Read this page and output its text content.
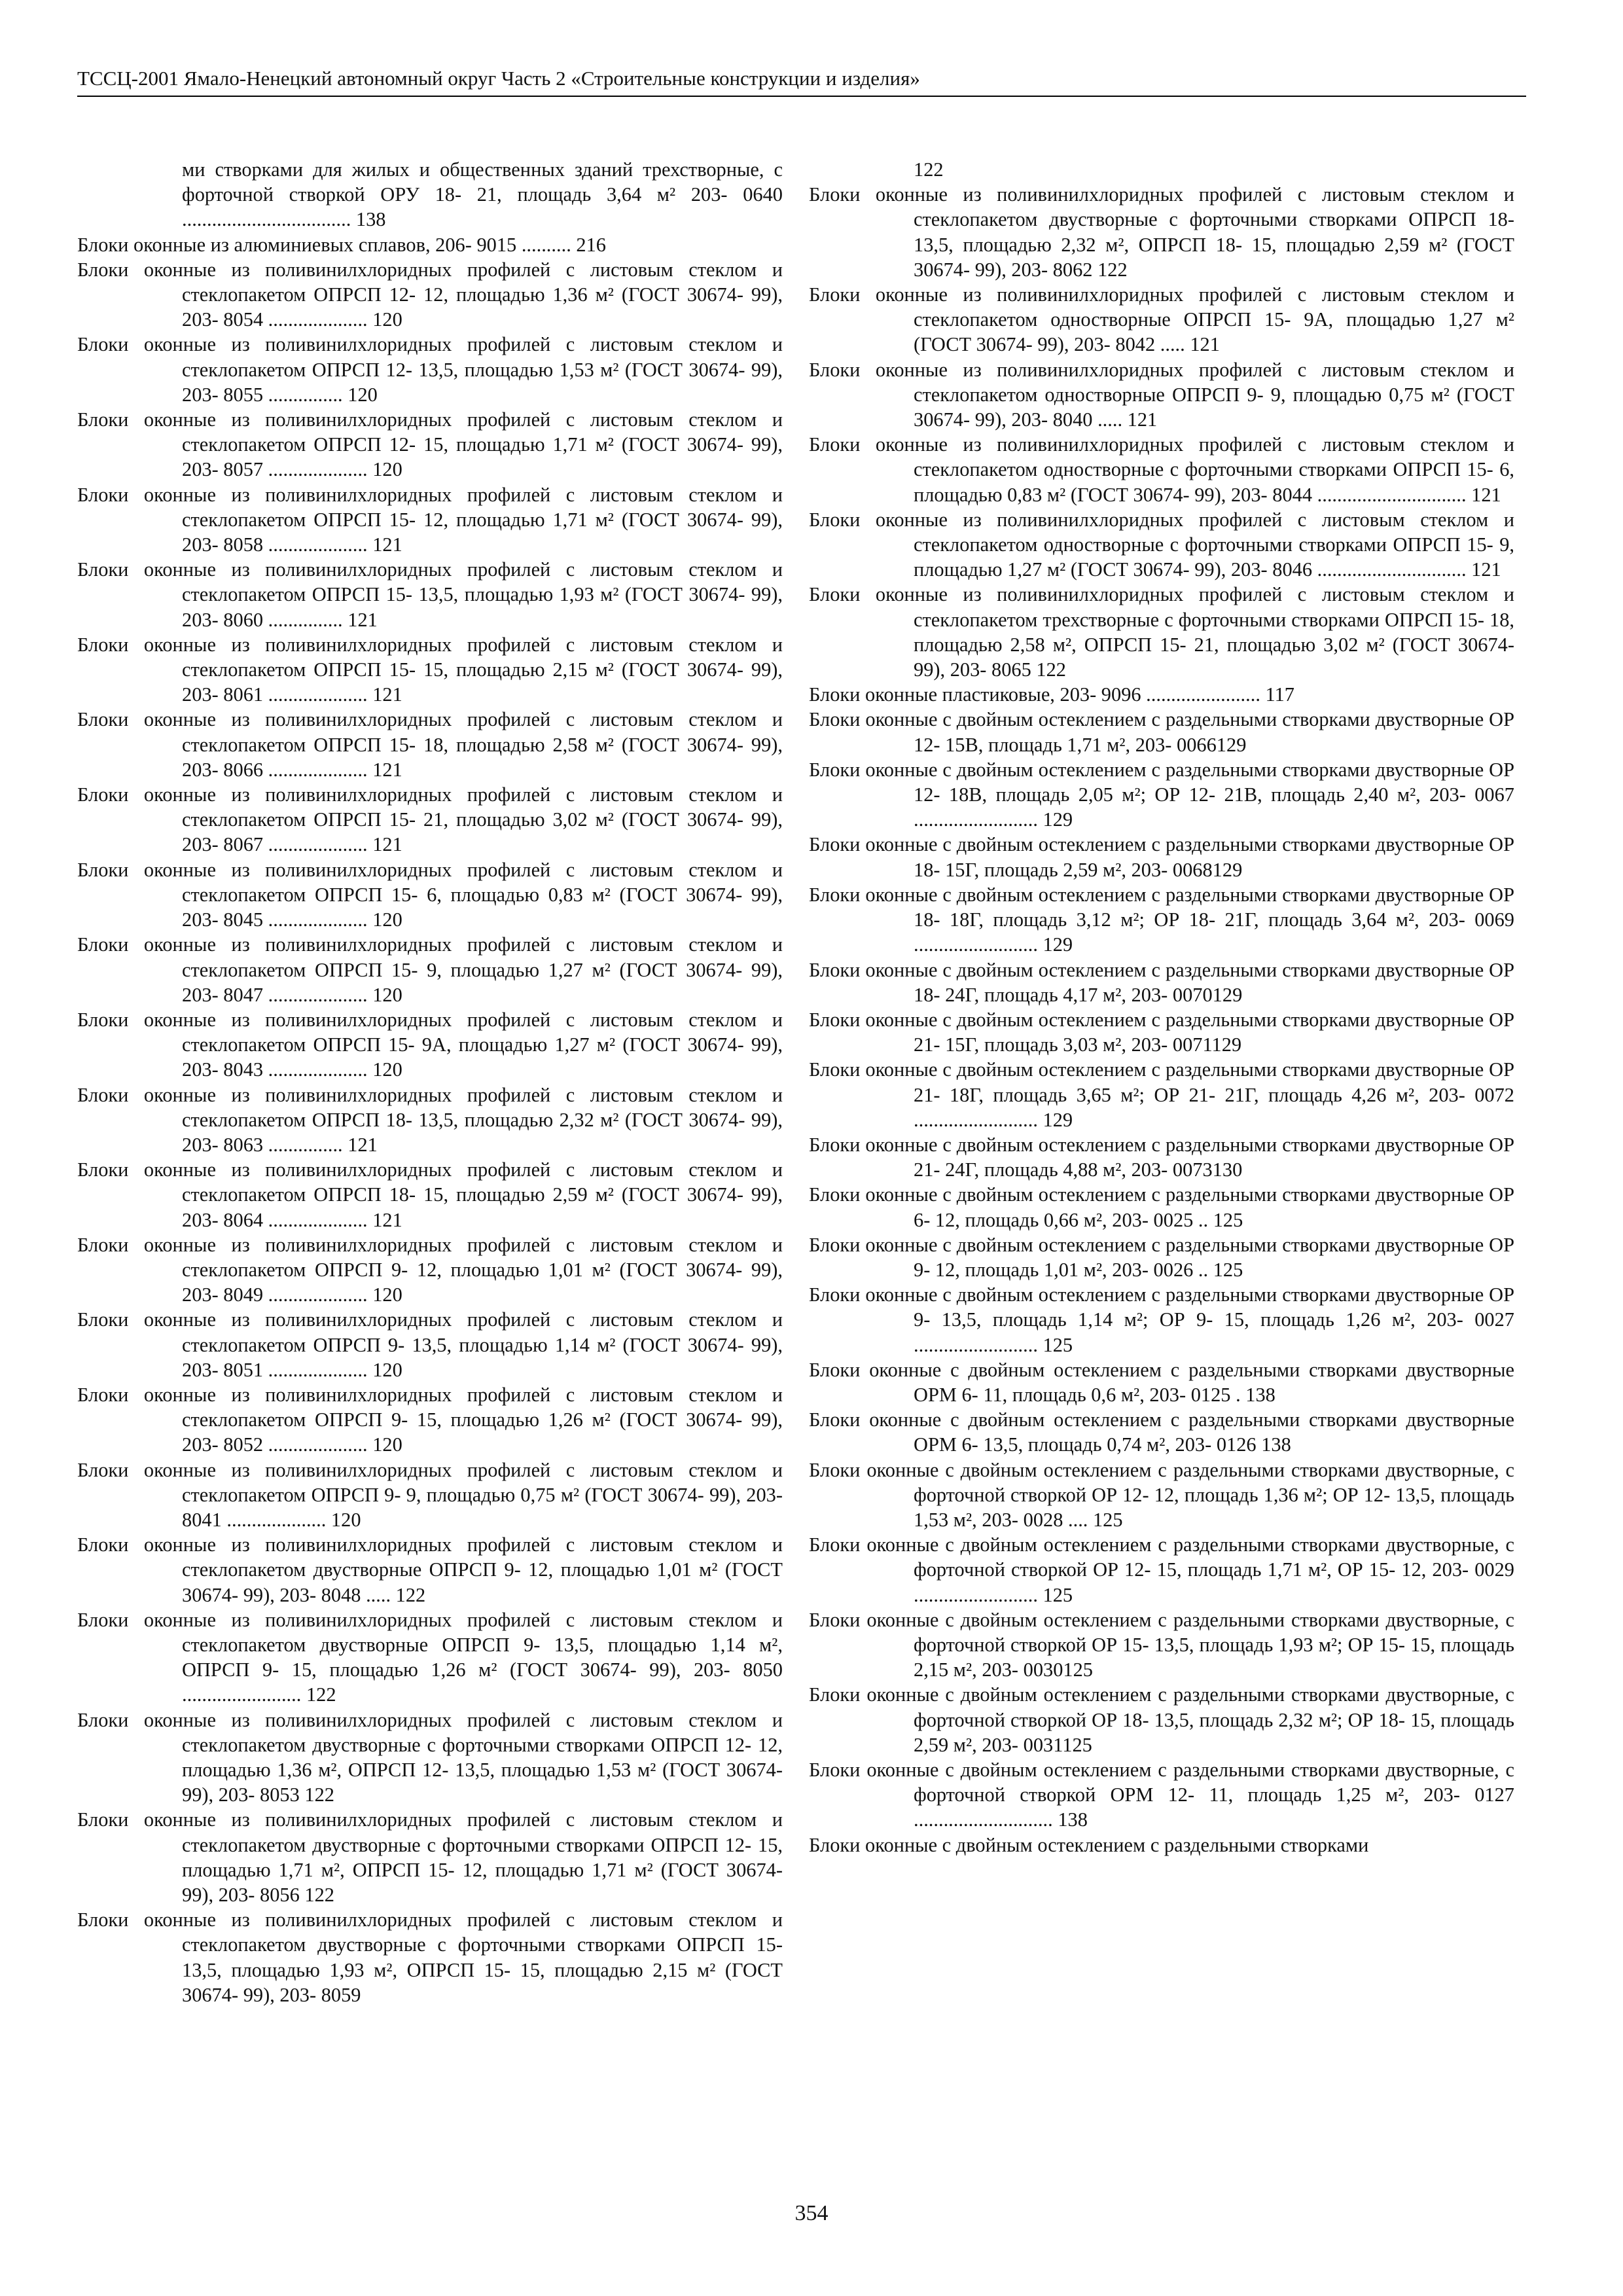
ТССЦ-2001 Ямало-Ненецкий автономный округ Часть 2 «Строительные конструкции и изделия»

ми створками для жилых и общественных зданий трехстворные, с форточной створкой ОРУ 18- 21, площадь 3,64 м² 203- 0640 .................................. 138

Блоки оконные из алюминиевых сплавов, 206- 9015 .......... 216

Блоки оконные из поливинилхлоридных профилей с листовым стеклом и стеклопакетом ОПРСП 12- 12, площадью 1,36 м² (ГОСТ 30674- 99), 203- 8054 .................... 120

Блоки оконные из поливинилхлоридных профилей с листовым стеклом и стеклопакетом ОПРСП 12- 13,5, площадью 1,53 м² (ГОСТ 30674- 99), 203- 8055 ............... 120

Блоки оконные из поливинилхлоридных профилей с листовым стеклом и стеклопакетом ОПРСП 12- 15, площадью 1,71 м² (ГОСТ 30674- 99), 203- 8057 .................... 120

Блоки оконные из поливинилхлоридных профилей с листовым стеклом и стеклопакетом ОПРСП 15- 12, площадью 1,71 м² (ГОСТ 30674- 99), 203- 8058 .................... 121

Блоки оконные из поливинилхлоридных профилей с листовым стеклом и стеклопакетом ОПРСП 15- 13,5, площадью 1,93 м² (ГОСТ 30674- 99), 203- 8060 ............... 121

Блоки оконные из поливинилхлоридных профилей с листовым стеклом и стеклопакетом ОПРСП 15- 15, площадью 2,15 м² (ГОСТ 30674- 99), 203- 8061 .................... 121

Блоки оконные из поливинилхлоридных профилей с листовым стеклом и стеклопакетом ОПРСП 15- 18, площадью 2,58 м² (ГОСТ 30674- 99), 203- 8066 .................... 121

Блоки оконные из поливинилхлоридных профилей с листовым стеклом и стеклопакетом ОПРСП 15- 21, площадью 3,02 м² (ГОСТ 30674- 99), 203- 8067 .................... 121

Блоки оконные из поливинилхлоридных профилей с листовым стеклом и стеклопакетом ОПРСП 15- 6, площадью 0,83 м² (ГОСТ 30674- 99), 203- 8045 .................... 120

Блоки оконные из поливинилхлоридных профилей с листовым стеклом и стеклопакетом ОПРСП 15- 9, площадью 1,27 м² (ГОСТ 30674- 99), 203- 8047 .................... 120

Блоки оконные из поливинилхлоридных профилей с листовым стеклом и стеклопакетом ОПРСП 15- 9А, площадью 1,27 м² (ГОСТ 30674- 99), 203- 8043 .................... 120

Блоки оконные из поливинилхлоридных профилей с листовым стеклом и стеклопакетом ОПРСП 18- 13,5, площадью 2,32 м² (ГОСТ 30674- 99), 203- 8063 ............... 121

Блоки оконные из поливинилхлоридных профилей с листовым стеклом и стеклопакетом ОПРСП 18- 15, площадью 2,59 м² (ГОСТ 30674- 99), 203- 8064 .................... 121

Блоки оконные из поливинилхлоридных профилей с листовым стеклом и стеклопакетом ОПРСП 9- 12, площадью 1,01 м² (ГОСТ 30674- 99), 203- 8049 .................... 120

Блоки оконные из поливинилхлоридных профилей с листовым стеклом и стеклопакетом ОПРСП 9- 13,5, площадью 1,14 м² (ГОСТ 30674- 99), 203- 8051 .................... 120

Блоки оконные из поливинилхлоридных профилей с листовым стеклом и стеклопакетом ОПРСП 9- 15, площадью 1,26 м² (ГОСТ 30674- 99), 203- 8052 .................... 120

Блоки оконные из поливинилхлоридных профилей с листовым стеклом и стеклопакетом ОПРСП 9- 9, площадью 0,75 м² (ГОСТ 30674- 99), 203- 8041 .................... 120

Блоки оконные из поливинилхлоридных профилей с листовым стеклом и стеклопакетом двустворные ОПРСП 9- 12, площадью 1,01 м² (ГОСТ 30674- 99), 203- 8048 ..... 122

Блоки оконные из поливинилхлоридных профилей с листовым стеклом и стеклопакетом двустворные ОПРСП 9- 13,5, площадью 1,14 м², ОПРСП 9- 15, площадью 1,26 м² (ГОСТ 30674- 99), 203- 8050 ........................ 122

Блоки оконные из поливинилхлоридных профилей с листовым стеклом и стеклопакетом двустворные с форточными створками ОПРСП 12- 12, площадью 1,36 м², ОПРСП 12- 13,5, площадью 1,53 м² (ГОСТ 30674- 99), 203- 8053 122

Блоки оконные из поливинилхлоридных профилей с листовым стеклом и стеклопакетом двустворные с форточными створками ОПРСП 12- 15, площадью 1,71 м², ОПРСП 15- 12, площадью 1,71 м² (ГОСТ 30674- 99), 203- 8056 122

Блоки оконные из поливинилхлоридных профилей с листовым стеклом и стеклопакетом двустворные с форточными створками ОПРСП 15- 13,5, площадью 1,93 м², ОПРСП 15- 15, площадью 2,15 м² (ГОСТ 30674- 99), 203- 8059

122

Блоки оконные из поливинилхлоридных профилей с листовым стеклом и стеклопакетом двустворные с форточными створками ОПРСП 18- 13,5, площадью 2,32 м², ОПРСП 18- 15, площадью 2,59 м² (ГОСТ 30674- 99), 203- 8062 122

Блоки оконные из поливинилхлоридных профилей с листовым стеклом и стеклопакетом одностворные ОПРСП 15- 9А, площадью 1,27 м² (ГОСТ 30674- 99), 203- 8042 ..... 121

Блоки оконные из поливинилхлоридных профилей с листовым стеклом и стеклопакетом одностворные ОПРСП 9- 9, площадью 0,75 м² (ГОСТ 30674- 99), 203- 8040 ..... 121

Блоки оконные из поливинилхлоридных профилей с листовым стеклом и стеклопакетом одностворные с форточными створками ОПРСП 15- 6, площадью 0,83 м² (ГОСТ 30674- 99), 203- 8044 .............................. 121

Блоки оконные из поливинилхлоридных профилей с листовым стеклом и стеклопакетом одностворные с форточными створками ОПРСП 15- 9, площадью 1,27 м² (ГОСТ 30674- 99), 203- 8046 .............................. 121

Блоки оконные из поливинилхлоридных профилей с листовым стеклом и стеклопакетом трехстворные с форточными створками ОПРСП 15- 18, площадью 2,58 м², ОПРСП 15- 21, площадью 3,02 м² (ГОСТ 30674- 99), 203- 8065 122

Блоки оконные пластиковые, 203- 9096 ....................... 117

Блоки оконные с двойным остеклением с раздельными створками двустворные ОР 12- 15В, площадь 1,71 м², 203- 0066129

Блоки оконные с двойным остеклением с раздельными створками двустворные ОР 12- 18В, площадь 2,05 м²; ОР 12- 21В, площадь 2,40 м², 203- 0067 ......................... 129

Блоки оконные с двойным остеклением с раздельными створками двустворные ОР 18- 15Г, площадь 2,59 м², 203- 0068129

Блоки оконные с двойным остеклением с раздельными створками двустворные ОР 18- 18Г, площадь 3,12 м²; ОР 18- 21Г, площадь 3,64 м², 203- 0069 ......................... 129

Блоки оконные с двойным остеклением с раздельными створками двустворные ОР 18- 24Г, площадь 4,17 м², 203- 0070129

Блоки оконные с двойным остеклением с раздельными створками двустворные ОР 21- 15Г, площадь 3,03 м², 203- 0071129

Блоки оконные с двойным остеклением с раздельными створками двустворные ОР 21- 18Г, площадь 3,65 м²; ОР 21- 21Г, площадь 4,26 м², 203- 0072 ......................... 129

Блоки оконные с двойным остеклением с раздельными створками двустворные ОР 21- 24Г, площадь 4,88 м², 203- 0073130

Блоки оконные с двойным остеклением с раздельными створками двустворные ОР 6- 12, площадь 0,66 м², 203- 0025 .. 125

Блоки оконные с двойным остеклением с раздельными створками двустворные ОР 9- 12, площадь 1,01 м², 203- 0026 .. 125

Блоки оконные с двойным остеклением с раздельными створками двустворные ОР 9- 13,5, площадь 1,14 м²; ОР 9- 15, площадь 1,26 м², 203- 0027 ......................... 125

Блоки оконные с двойным остеклением с раздельными створками двустворные ОРМ 6- 11, площадь 0,6 м², 203- 0125 . 138

Блоки оконные с двойным остеклением с раздельными створками двустворные ОРМ 6- 13,5, площадь 0,74 м², 203- 0126 138

Блоки оконные с двойным остеклением с раздельными створками двустворные, с форточной створкой ОР 12- 12, площадь 1,36 м²; ОР 12- 13,5, площадь 1,53 м², 203- 0028 .... 125

Блоки оконные с двойным остеклением с раздельными створками двустворные, с форточной створкой ОР 12- 15, площадь 1,71 м², ОР 15- 12, 203- 0029 ......................... 125

Блоки оконные с двойным остеклением с раздельными створками двустворные, с форточной створкой ОР 15- 13,5, площадь 1,93 м²; ОР 15- 15, площадь 2,15 м², 203- 0030125

Блоки оконные с двойным остеклением с раздельными створками двустворные, с форточной створкой ОР 18- 13,5, площадь 2,32 м²; ОР 18- 15, площадь 2,59 м², 203- 0031125

Блоки оконные с двойным остеклением с раздельными створками двустворные, с форточной створкой ОРМ 12- 11, площадь 1,25 м², 203- 0127 ............................ 138

Блоки оконные с двойным остеклением с раздельными створками

354
